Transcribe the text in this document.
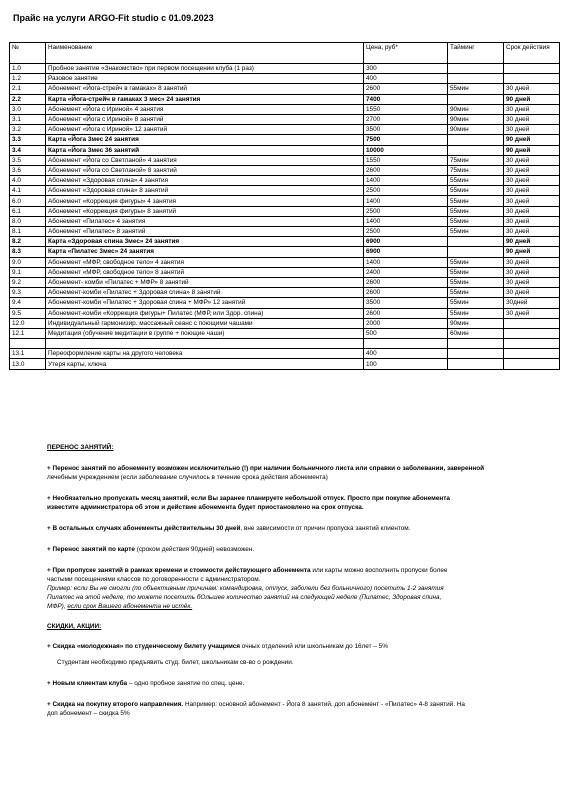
Прайс на услуги ARGO-Fit studio с 01.09.2023
№	Наименование	Цена, руб*	Тайминг	Срок действия
1.0	Пробное занятие «Знакомство» при первом посещении клуба (1 раз)	300		
1.2	Разовое занятие	400		
2.1	Абонемент «Йога-стрейч в гамаках» 8 занятий	2600	55мин	30 дней
2.2	Карта «Йога-стрейч в гамаках 3 мес» 24 занятия	7400		90 дней
3.0	Абонемент «Йога с Ириной» 4 занятия	1550	90мин	30 дней
3.1	Абонемент «Йога с Ириной» 8 занятий	2700	90мин	30 дней
3.2	Абонемент «Йога с Ириной» 12 занятий	3500	90мин	30 дней
3.3	Карта «Йога 3мес 24 занятия	7500		90 дней
3.4	Карта «Йога 3мес 36 занятий	10000		90 дней
3.5	Абонемент «Йога со Светланой» 4 занятия	1550	75мин	30 дней
3.6	Абонемент «Йога со Светланой» 8 занятий	2600	75мин	30 дней
4.0	Абонемент «Здоровая спина» 4 занятия	1400	55мин	30 дней
4.1	Абонемент «Здоровая спина» 8 занятий	2500	55мин	30 дней
6.0	Абонемент «Коррекция фигуры» 4 занятия	1400	55мин	30 дней
6.1	Абонемент «Коррекция фигуры» 8 занятий	2500	55мин	30 дней
8.0	Абонемент «Пилатес» 4 занятия	1400	55мин	30 дней
8.1	Абонемент «Пилатес» 8 занятий	2500	55мин	30 дней
8.2	Карта «Здоровая спина 3мес» 24 занятия	6900		90 дней
8.3	Карта «Пилатес 3мес» 24 занятия	6900		90 дней
9.0	Абонемент «МФР, свободное тело» 4 занятия	1400	55мин	30 дней
9.1	Абонемент «МФР, свободное тело» 8 занятий	2400	55мин	30 дней
9.2	Абонемент- комби «Пилатес + МФР» 8 занятий	2600	55мин	30 дней
9.3	Абонемент-комби «Пилатес + Здоровая спина» 8 занятий	2600	55мин	30 дней
9.4	Абонемент-комби «Пилатес + Здоровая спина + МФР» 12 занятий	3500	55мин	30дней
9.5	Абонемент-комби «Коррекция фигуры+ Пилатес (МФР, или Здор. спина)	2600	55мин	30 дней
12.0	Индивидуальный гармонизир. массажный сеанс с поющими чашами	2000	90мин	
12.1	Медитация (обучение медитации в группе + поющие чаши)	500	60мин	

13.1	Переоформление карты на другого человека	400		
13.0	Утеря карты, ключа	100		

ПЕРЕНОС ЗАНЯТИЙ:

+ Перенос занятий по абонементу возможен исключительно (!) при наличии больничного листа или справки о заболевании, заверенной
лечебным учреждением (если заболевание случилось в течение срока действия абонемента)

+ Необязательно пропускать месяц занятий, если Вы заранее планируете небольшой отпуск. Просто при покупке абонемента
известите администратора об этом и действие абонемента будет приостановлено на срок отпуска.

+ В остальных случаях абонементы действительны 30 дней, вне зависимости от причин пропуска занятий клиентом.

+ Перенос занятий по карте (сроком действия 90дней) невозможен.

+ При пропуске занятий в рамках времени и стоимости действующего абонемента или карты можно восполнить пропуски более
частыми посещениями классов по договоренности с администратором.
Пример: если Вы не смогли (по объективным причинам: командировка, отпуск, заболели без больничного) посетить 1-2 занятия
Пилатес на этой неделе, то можете посетить бОльшее количество занятий на следующей неделе (Пилатес, Здоровая спина,
МФР), если срок Вашего абонемента не истёк.

СКИДКИ, АКЦИИ:

+ Скидка «молодежная» по студенческому билету учащимся очных отделений или школьникам до 16лет – 5%

Студентам необходимо предъявить студ. билет, школьникам св-во о рождении.

+ Новым клиентам клуба – одно пробное занятие по спец. цене.

+ Скидка на покупку второго направления. Например: основной абонемент - Йога 8 занятий, доп абонемент - «Пилатес» 4-8 занятий. На
доп абонемент – скидка 5%
